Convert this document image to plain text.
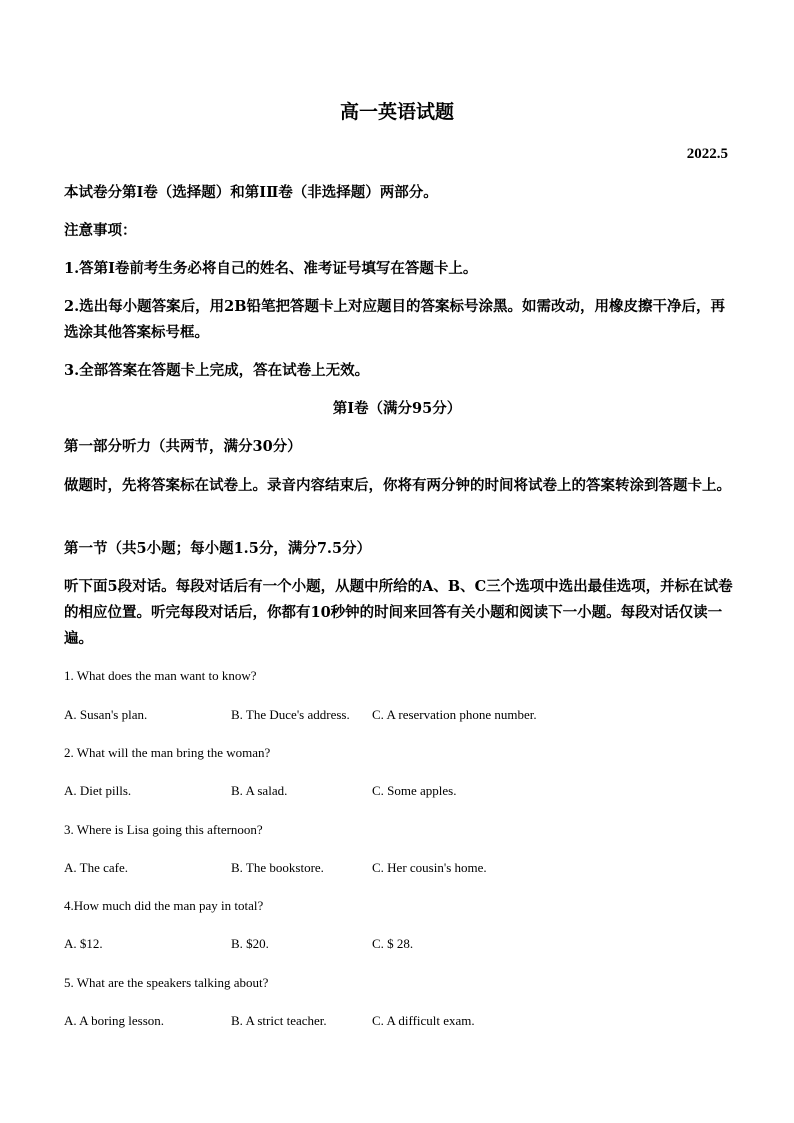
高一英语试题
2022.5
本试卷分第Ⅰ卷（选择题）和第ⅠⅡ卷（非选择题）两部分。
注意事项：
1.答第Ⅰ卷前考生务必将自己的姓名、准考证号填写在答题卡上。
2.选出每小题答案后，用2B铅笔把答题卡上对应题目的答案标号涂黑。如需改动，用橡皮擦干净后，再选涂其他答案标号框。
3.全部答案在答题卡上完成，答在试卷上无效。
第Ⅰ卷（满分95分）
第一部分听力（共两节，满分30分）
做题时，先将答案标在试卷上。录音内容结束后，你将有两分钟的时间将试卷上的答案转涂到答题卡上。
第一节（共5小题；每小题1.5分，满分7.5分）
听下面5段对话。每段对话后有一个小题，从题中所给的A、B、C三个选项中选出最佳选项，并标在试卷的相应位置。听完每段对话后，你都有10秒钟的时间来回答有关小题和阅读下一小题。每段对话仅读一遍。
1. What does the man want to know?
A. Susan's plan.	B. The Duce's address. C. A reservation phone number.
2. What will the man bring the woman?
A. Diet pills.	B. A salad.	C. Some apples.
3. Where is Lisa going this afternoon?
A. The cafe.	B. The bookstore.	C. Her cousin's home.
4.How much did the man pay in total?
A. $12.	B. $20.	C. $ 28.
5. What are the speakers talking about?
A. A boring lesson.	B. A strict teacher.	C. A difficult exam.
